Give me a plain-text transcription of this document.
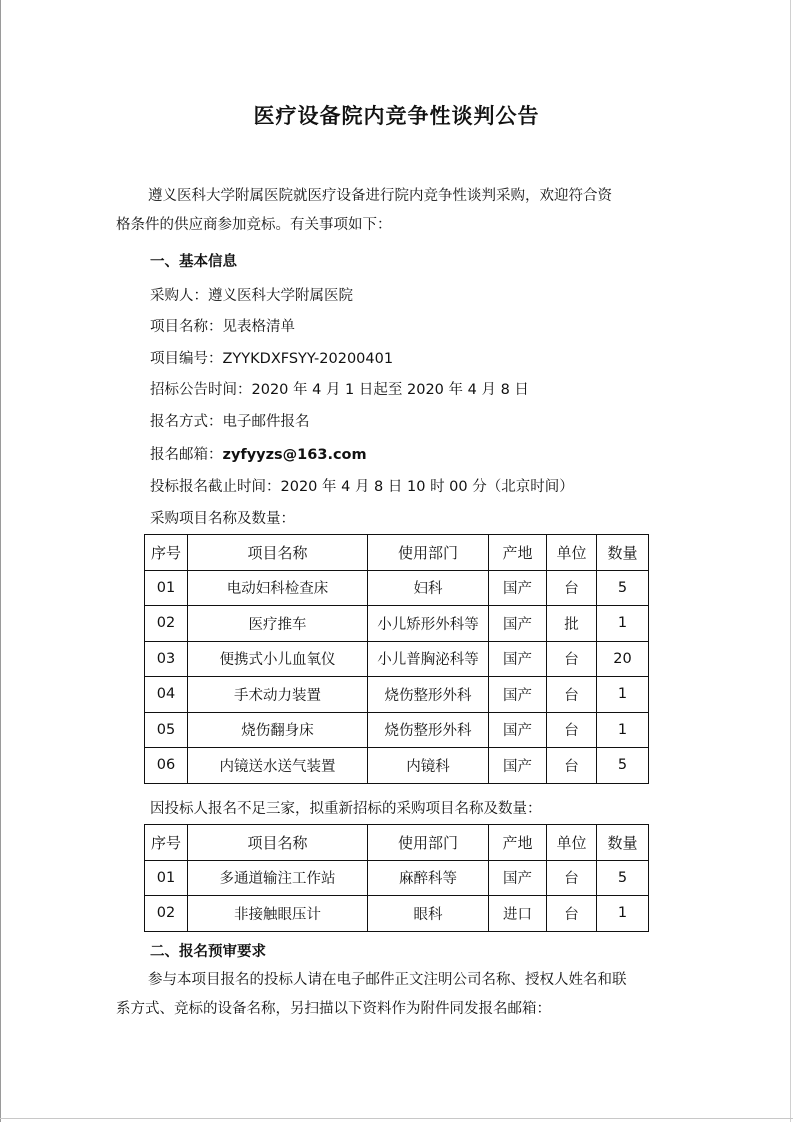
医疗设备院内竞争性谈判公告
遵义医科大学附属医院就医疗设备进行院内竞争性谈判采购，欢迎符合资
格条件的供应商参加竞标。有关事项如下：
一、基本信息
采购人：遵义医科大学附属医院
项目名称：见表格清单
项目编号：ZYYKDXFSYY-20200401
招标公告时间：2020 年 4 月 1 日起至 2020 年 4 月 8 日
报名方式：电子邮件报名
报名邮箱：zyfyyzs@163.com
投标报名截止时间：2020 年 4 月 8 日 10 时 00 分（北京时间）
采购项目名称及数量：
序号	项目名称	使用部门	产地	单位	数量
01	电动妇科检查床	妇科	国产	台	5
02	医疗推车	小儿矫形外科等	国产	批	1
03	便携式小儿血氧仪	小儿普胸泌科等	国产	台	20
04	手术动力装置	烧伤整形外科	国产	台	1
05	烧伤翻身床	烧伤整形外科	国产	台	1
06	内镜送水送气装置	内镜科	国产	台	5
因投标人报名不足三家，拟重新招标的采购项目名称及数量：
序号	项目名称	使用部门	产地	单位	数量
01	多通道输注工作站	麻醉科等	国产	台	5
02	非接触眼压计	眼科	进口	台	1
二、报名预审要求
参与本项目报名的投标人请在电子邮件正文注明公司名称、授权人姓名和联
系方式、竞标的设备名称，另扫描以下资料作为附件同发报名邮箱：
